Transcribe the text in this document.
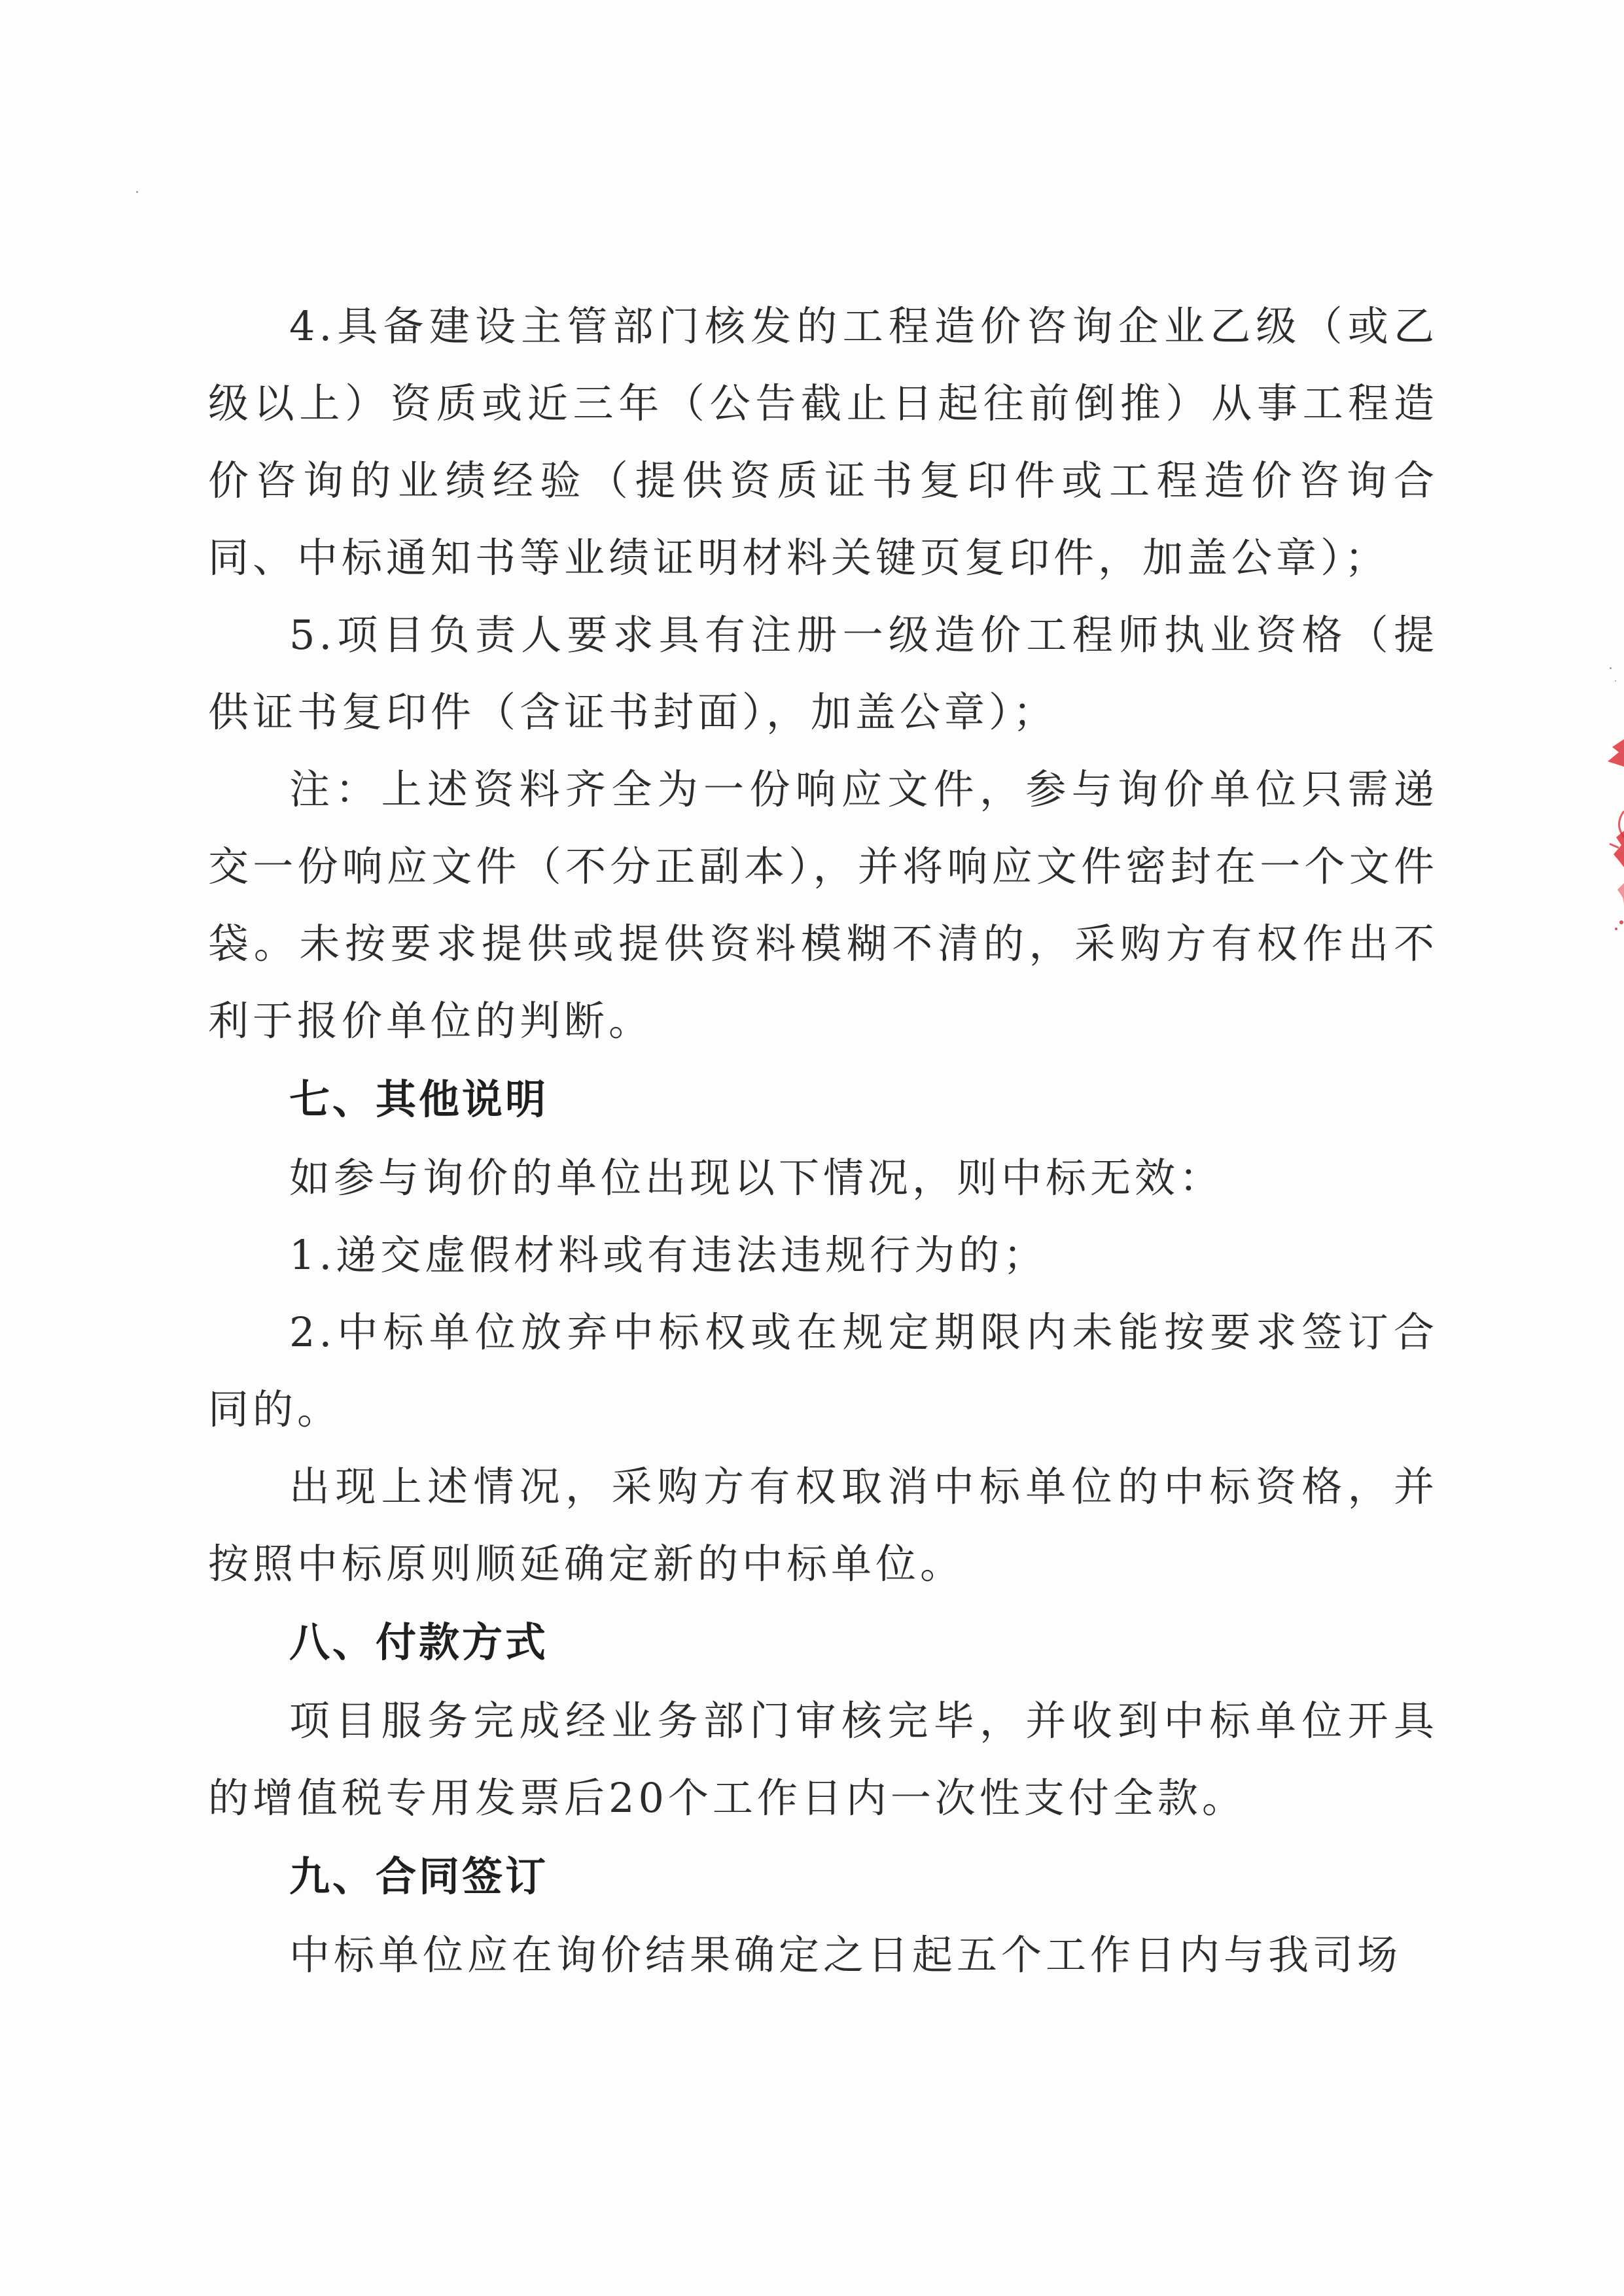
4.具备建设主管部门核发的工程造价咨询企业乙级（或乙级以上）资质或近三年（公告截止日起往前倒推）从事工程造价咨询的业绩经验（提供资质证书复印件或工程造价咨询合同、中标通知书等业绩证明材料关键页复印件，加盖公章）；

5.项目负责人要求具有注册一级造价工程师执业资格（提供证书复印件（含证书封面），加盖公章）；

注：上述资料齐全为一份响应文件，参与询价单位只需递交一份响应文件（不分正副本），并将响应文件密封在一个文件袋。未按要求提供或提供资料模糊不清的，采购方有权作出不利于报价单位的判断。

七、其他说明

如参与询价的单位出现以下情况，则中标无效：

1.递交虚假材料或有违法违规行为的；

2.中标单位放弃中标权或在规定期限内未能按要求签订合同的。

出现上述情况，采购方有权取消中标单位的中标资格，并按照中标原则顺延确定新的中标单位。

八、付款方式

项目服务完成经业务部门审核完毕，并收到中标单位开具的增值税专用发票后20个工作日内一次性支付全款。

九、合同签订

中标单位应在询价结果确定之日起五个工作日内与我司场
